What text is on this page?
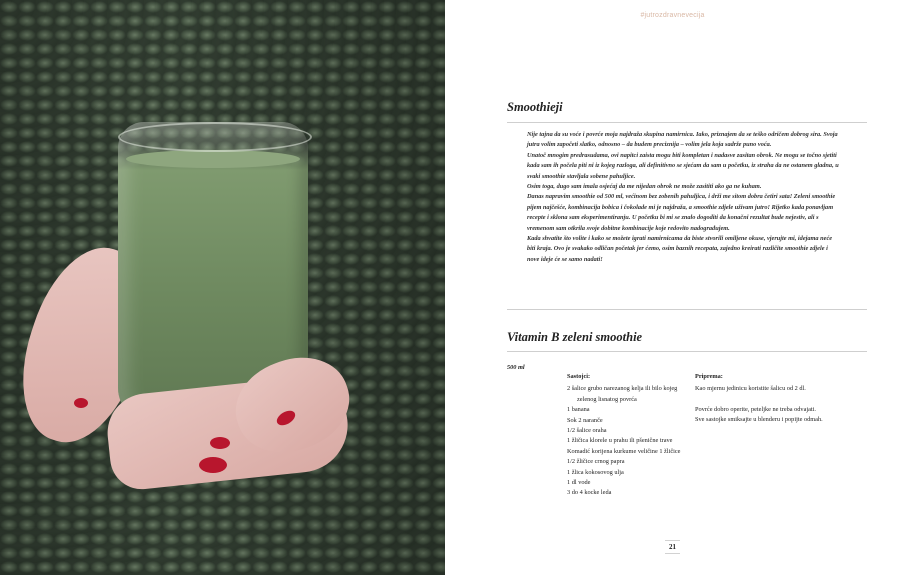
#jutrozdravnevecija
Smoothieji

Nije tajna da su voće i povrće moja najdraža skupina namirnica. Iako, priznajem da se teško odričem dobrog sira. Svoja jutra volim započeti slatko, odnosno – da budem preciznija – volim jela koja sadrže puno voća.

Unatoč mnogim predrasudama, ovi napitci zaista mogu biti kompletan i nadasve zasitan obrok. Ne mogu se točno sjetiti kada sam ih počela piti ni iz kojeg razloga, ali definitivno se sjećam da sam u početku, iz straha da ne ostanem gladna, u svaki smoothie stavljala sobene pahuljice.

Osim toga, dugo sam imala osjećaj da me nijedan obrok ne može zasititi ako ga ne kuham.

Danas napravim smoothie od 500 ml, većinom bez zobenih pahuljica, i drži me sitom dobra četiri sata! Zeleni smoothie pijem najčešće, kombinacija bobica i čokolade mi je najdraža, a smoothie zdjele uživam jutro! Rijetko kada ponavljam recepte i sklona sam eksperimentiranju. U početku bi mi se znalo dogoditi da konačni rezultat bude nejestiv, ali s vremenom sam otkrila svoje dobitne kombinacije koje redovito nadograđujem.

Kada shvatite što volite i kako se možete igrati namirnicama da biste stvorili omiljene okuse, vjerujte mi, idejama neće biti kraja. Ovo je svakako odličan početak jer ćemo, osim baznih recepata, zajedno kreirati različite smoothie zdjele i nove ideje će se samo nadati!

Vitamin B zeleni smoothie
500 ml
Sastojci:
2 šalice grubo narezanog kelja ili bilo kojeg zelenog lisnatog povrća
1 banana
Sok 2 naranče
1/2 šalice oraha
1 žličica klorele u prahu ili pšenične trave
Komadić korijena kurkume veličine 1 žličice
1/2 žličice crnog papra
1 žlica kokosovog ulja
1 dl vode
3 do 4 kocke leda
Priprema:

Kao mjernu jedinicu koristite šalicu od 2 dl.

Povrće dobro operite, peteljke ne treba odvajati. Sve sastojke smiksajte u blenderu i popijte odmah.

21
